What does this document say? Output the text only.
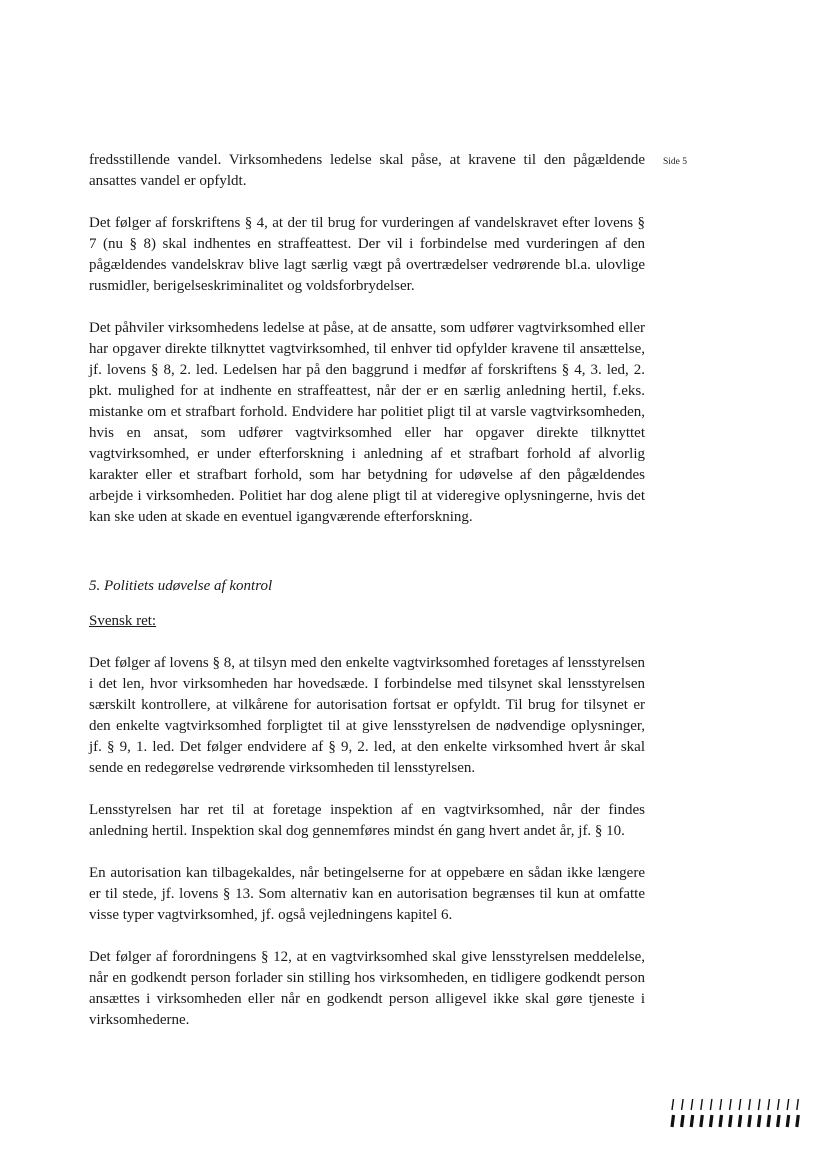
Side 5

fredsstillende vandel. Virksomhedens ledelse skal påse, at kravene til den pågældende ansattes vandel er opfyldt.

Det følger af forskriftens § 4, at der til brug for vurderingen af vandelskravet efter lovens § 7 (nu § 8) skal indhentes en straffeattest. Der vil i forbindelse med vurderingen af den pågældendes vandelskrav blive lagt særlig vægt på overtrædelser vedrørende bl.a. ulovlige rusmidler, berigelseskriminalitet og voldsforbrydelser.

Det påhviler virksomhedens ledelse at påse, at de ansatte, som udfører vagtvirksomhed eller har opgaver direkte tilknyttet vagtvirksomhed, til enhver tid opfylder kravene til ansættelse, jf. lovens § 8, 2. led. Ledelsen har på den baggrund i medfør af forskriftens § 4, 3. led, 2. pkt. mulighed for at indhente en straffeattest, når der er en særlig anledning hertil, f.eks. mistanke om et strafbart forhold. Endvidere har politiet pligt til at varsle vagtvirksomheden, hvis en ansat, som udfører vagtvirksomhed eller har opgaver direkte tilknyttet vagtvirksomhed, er under efterforskning i anledning af et strafbart forhold af alvorlig karakter eller et strafbart forhold, som har betydning for udøvelse af den pågældendes arbejde i virksomheden. Politiet har dog alene pligt til at videregive oplysningerne, hvis det kan ske uden at skade en eventuel igangværende efterforskning.

5. Politiets udøvelse af kontrol
Svensk ret:

Det følger af lovens § 8, at tilsyn med den enkelte vagtvirksomhed foretages af lensstyrelsen i det len, hvor virksomheden har hovedsæde. I forbindelse med tilsynet skal lensstyrelsen særskilt kontrollere, at vilkårene for autorisation fortsat er opfyldt. Til brug for tilsynet er den enkelte vagtvirksomhed forpligtet til at give lensstyrelsen de nødvendige oplysninger, jf. § 9, 1. led. Det følger endvidere af § 9, 2. led, at den enkelte virksomhed hvert år skal sende en redegørelse vedrørende virksomheden til lensstyrelsen.

Lensstyrelsen har ret til at foretage inspektion af en vagtvirksomhed, når der findes anledning hertil. Inspektion skal dog gennemføres mindst én gang hvert andet år, jf. § 10.

En autorisation kan tilbagekaldes, når betingelserne for at oppebære en sådan ikke længere er til stede, jf. lovens § 13. Som alternativ kan en autorisation begrænses til kun at omfatte visse typer vagtvirksomhed, jf. også vejledningens kapitel 6.

Det følger af forordningens § 12, at en vagtvirksomhed skal give lensstyrelsen meddelelse, når en godkendt person forlader sin stilling hos virksomheden, en tidligere godkendt person ansættes i virksomheden eller når en godkendt person alligevel ikke skal gøre tjeneste i virksomhederne.
